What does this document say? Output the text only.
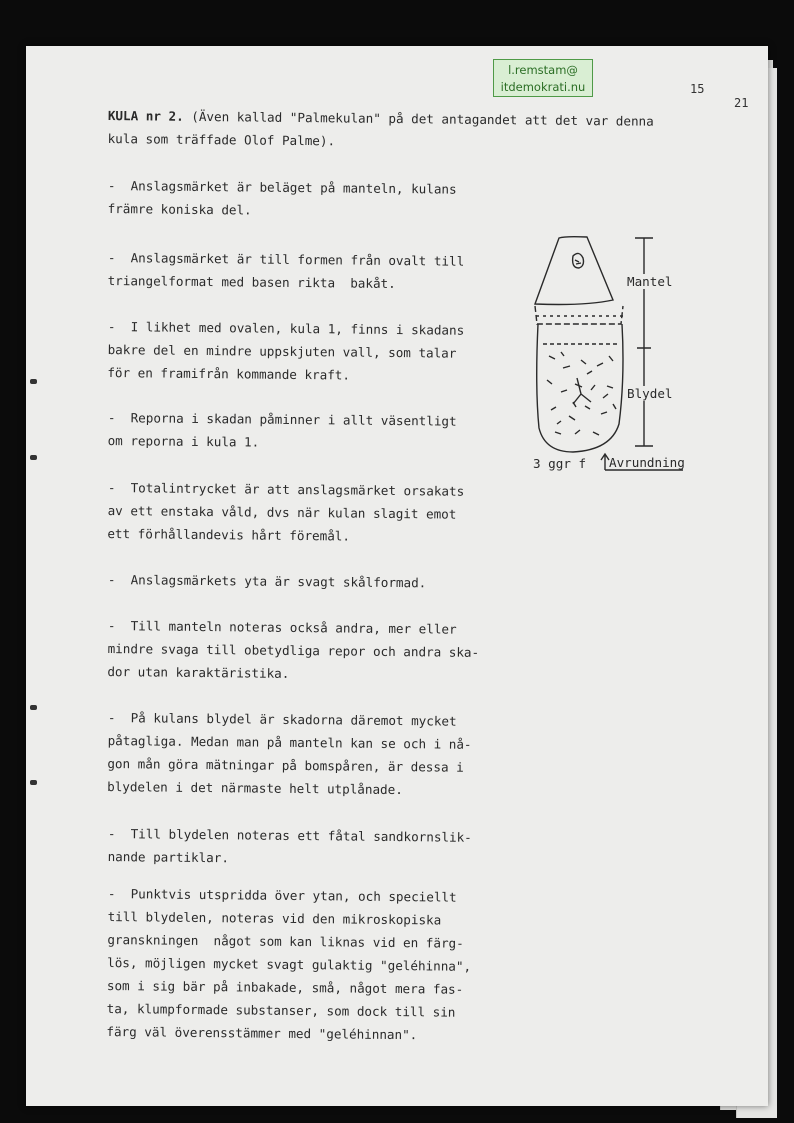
l.remstam@
itdemokrati.nu	15
21
KULA nr 2. (Även kallad "Palmekulan" på det antagandet att det var denna
kula som träffade Olof Palme).
-  Anslagsmärket är beläget på manteln, kulans
främre koniska del.
-  Anslagsmärket är till formen från ovalt till
triangelformat med basen rikta  bakåt.
-  I likhet med ovalen, kula 1, finns i skadans
bakre del en mindre uppskjuten vall, som talar
för en framifrån kommande kraft.
-  Reporna i skadan påminner i allt väsentligt
om reporna i kula 1.
-  Totalintrycket är att anslagsmärket orsakats
av ett enstaka våld, dvs när kulan slagit emot
ett förhållandevis hårt föremål.
-  Anslagsmärkets yta är svagt skålformad.
-  Till manteln noteras också andra, mer eller
mindre svaga till obetydliga repor och andra ska-
dor utan karaktäristika.
-  På kulans blydel är skadorna däremot mycket
påtagliga. Medan man på manteln kan se och i nå-
gon mån göra mätningar på bomspåren, är dessa i
blydelen i det närmaste helt utplånade.
-  Till blydelen noteras ett fåtal sandkornslik-
nande partiklar.
-  Punktvis utspridda över ytan, och speciellt
till blydelen, noteras vid den mikroskopiska
granskningen  något som kan liknas vid en färg-
lös, möjligen mycket svagt gulaktig "geléhinna",
som i sig bär på inbakade, små, något mera fas-
ta, klumpformade substanser, som dock till sin
färg väl överensstämmer med "geléhinnan".
Mantel
Blydel
3 ggr f Avrundning
